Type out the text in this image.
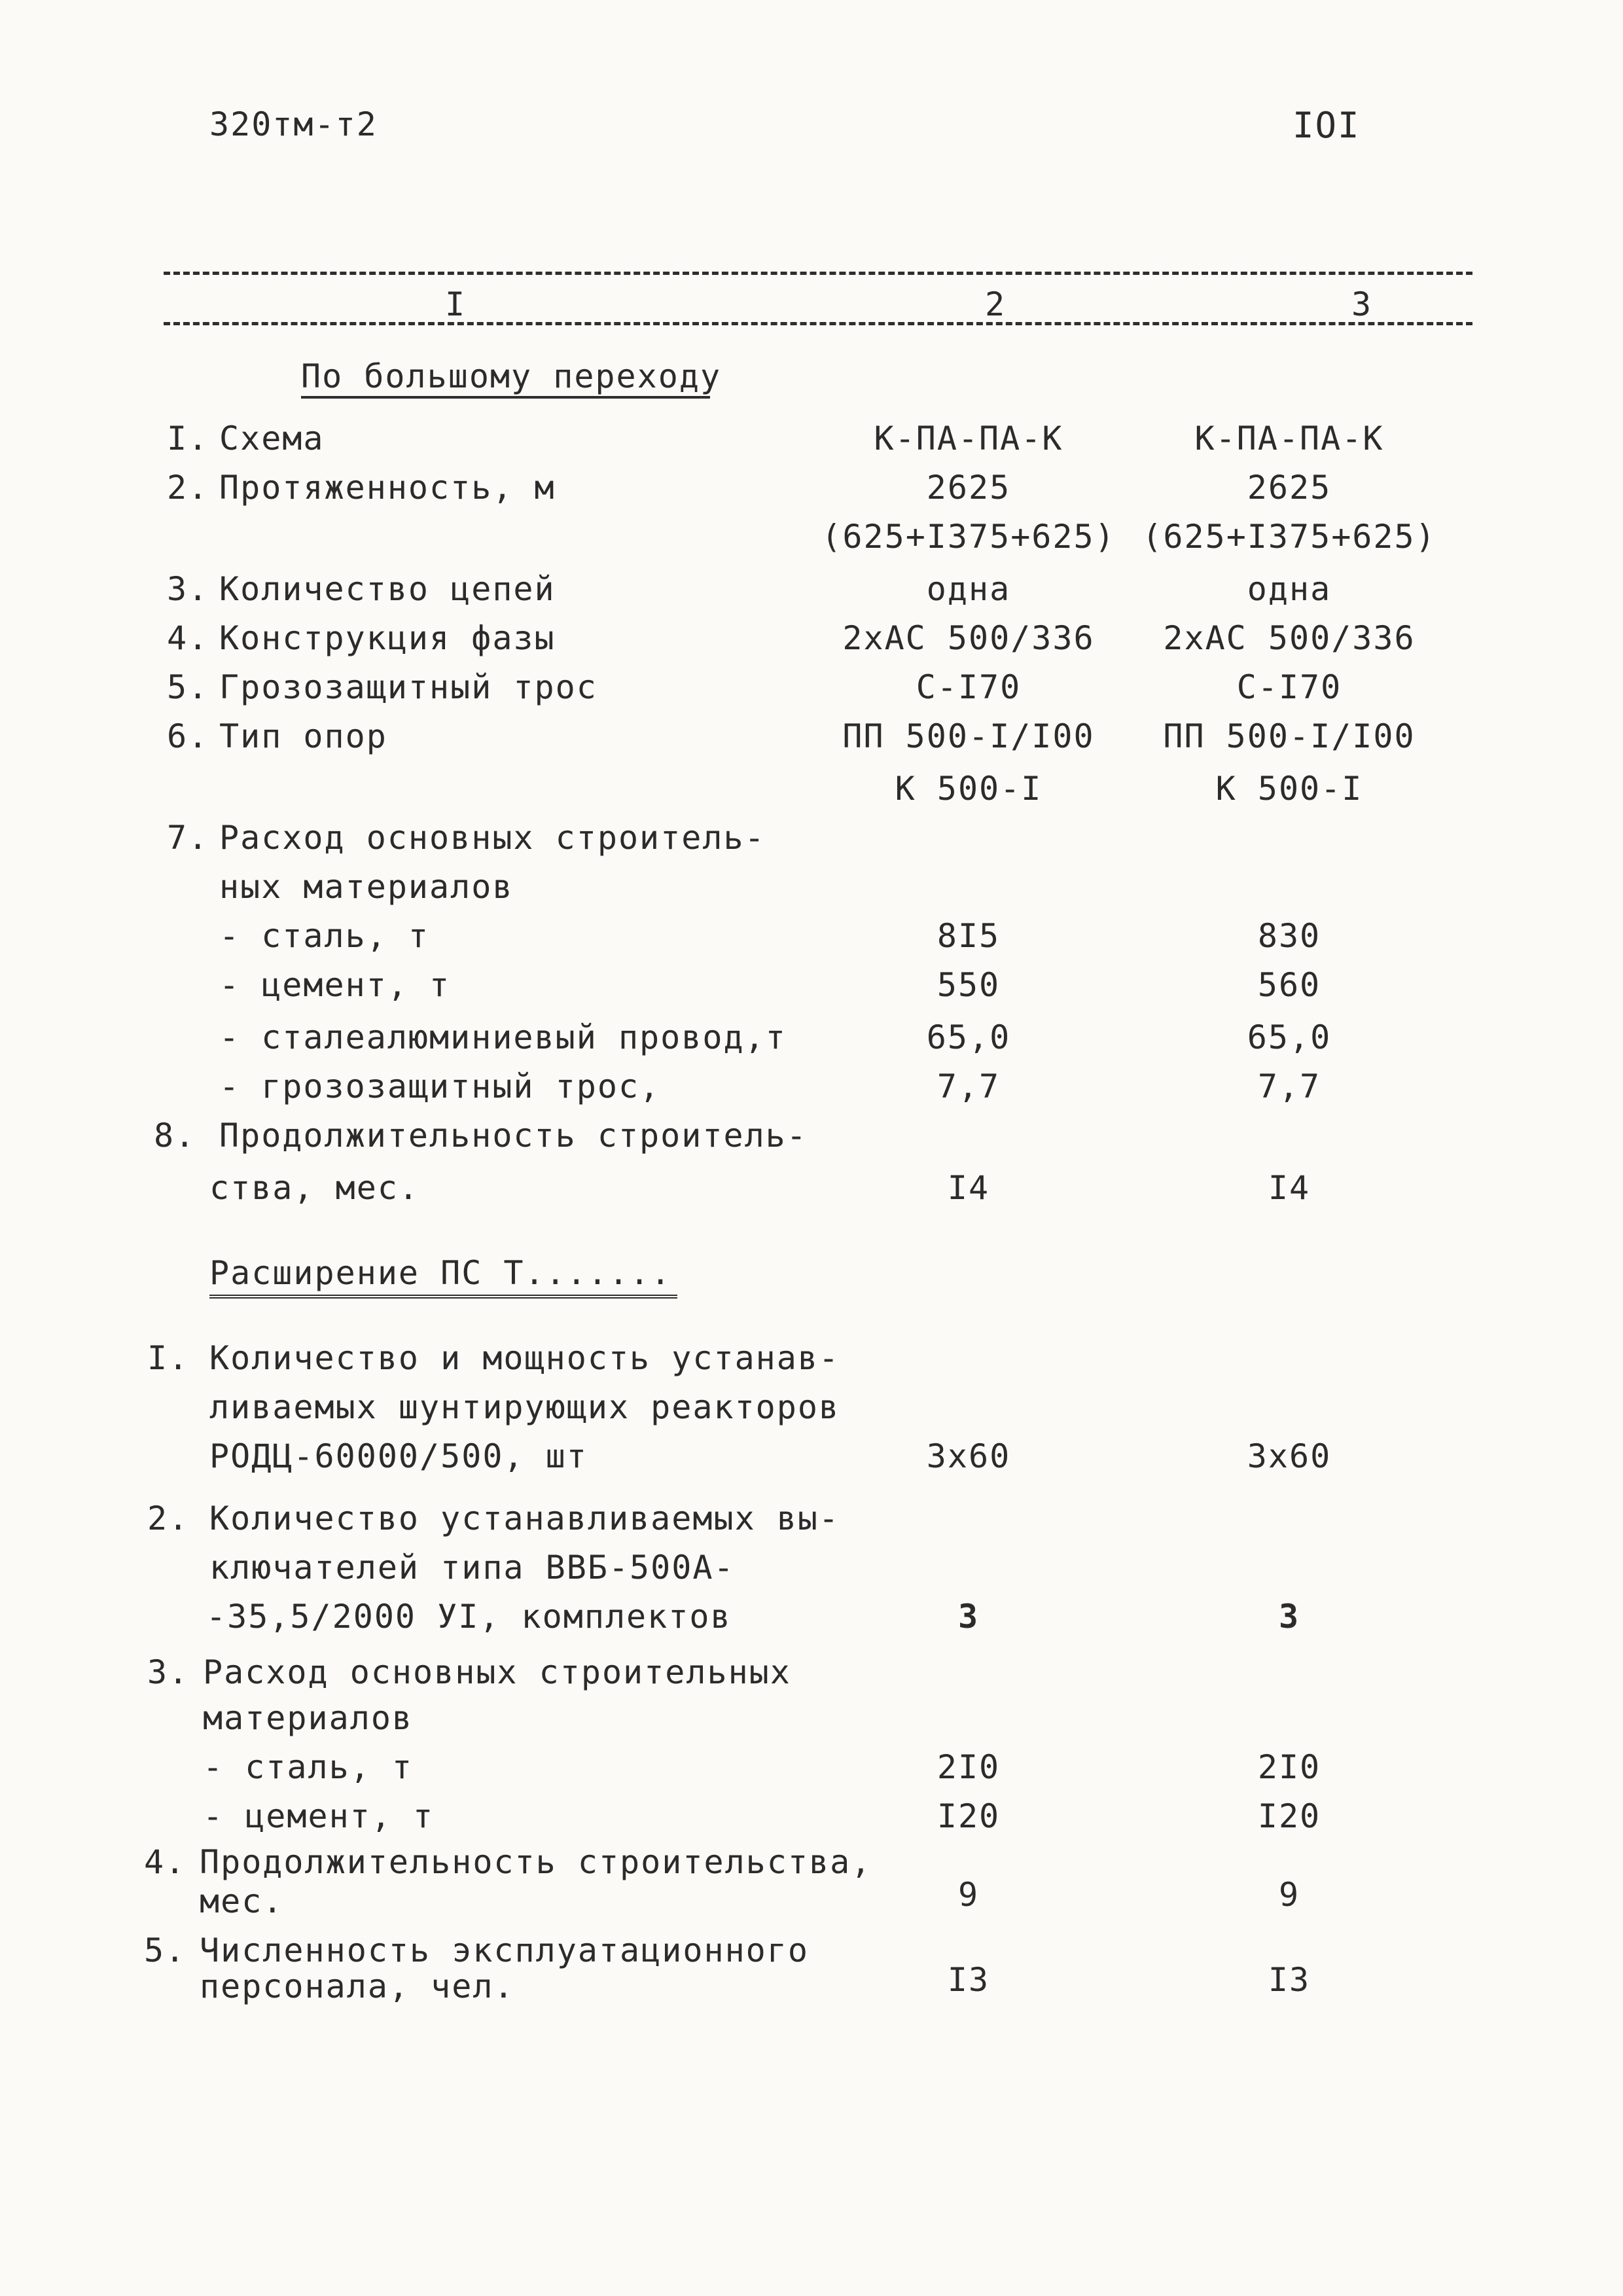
320тм-т2	IOI
I	2	3
По большому переходу
I. Схема	К-ПА-ПА-К	К-ПА-ПА-К
2. Протяженность, м	2625	2625
(625+I375+625) (625+I375+625)
3. Количество цепей	одна	одна
4. Конструкция фазы	2хАС 500/336	2хАС 500/336
5. Грозозащитный трос	С-I70	С-I70
6. Тип опор	ПП 500-I/I00	ПП 500-I/I00
К 500-I	К 500-I
7. Расход основных строитель-
ных материалов
- сталь, т	8I5	830
- цемент, т	550	560
- сталеалюминиевый провод,т	65,0	65,0
- грозозащитный трос,	7,7	7,7
8. Продолжительность строитель-
ства, мес.	I4	I4
Расширение ПС Т.......
I. Количество и мощность устанав-
ливаемых шунтирующих реакторов
РОДЦ-60000/500, шт	3х60	3х60
2. Количество устанавливаемых вы-
ключателей типа ВВБ-500А-
-35,5/2000 УI, комплектов	3	3
3. Расход основных строительных
материалов
- сталь, т	2I0	2I0
- цемент, т	I20	I20
4. Продолжительность строительства,
мес.	9	9
5. Численность эксплуатационного
персонала, чел.	I3	I3
